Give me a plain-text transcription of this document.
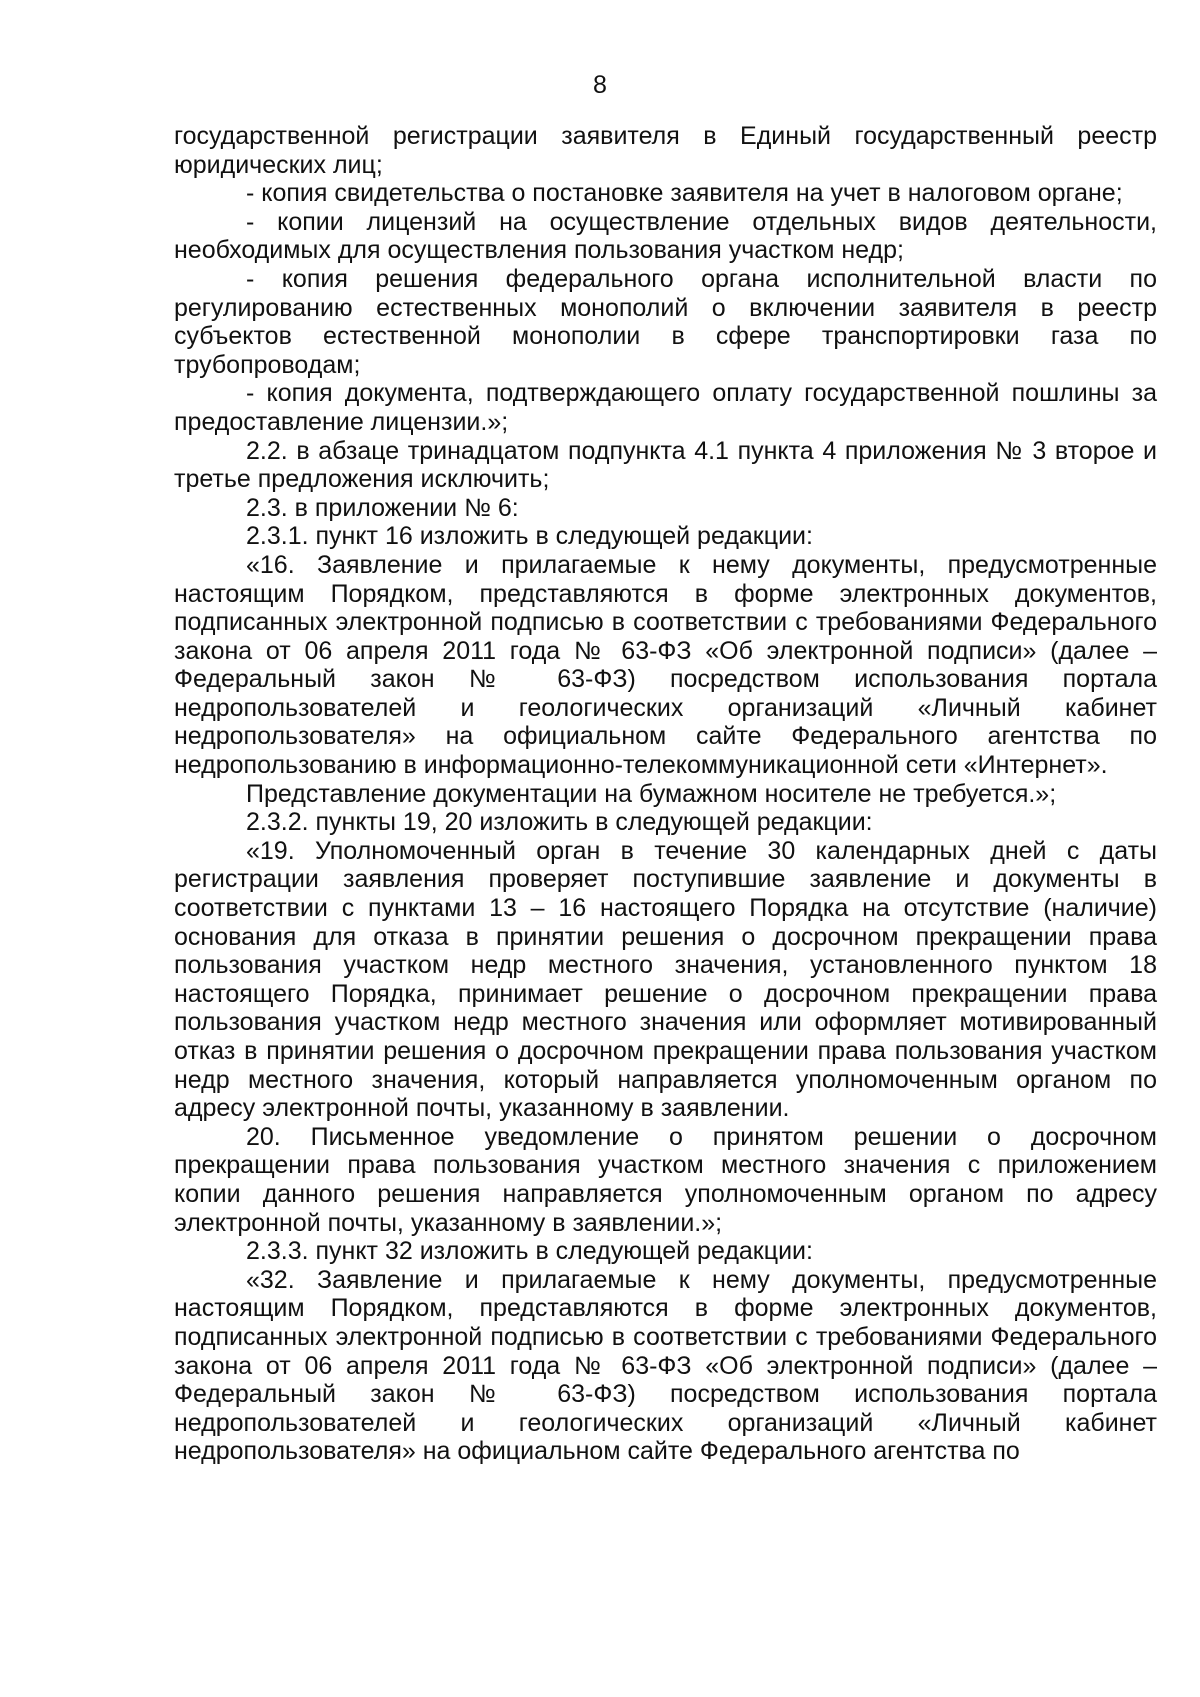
8

государственной регистрации заявителя в Единый государственный реестр юридических лиц;

- копия свидетельства о постановке заявителя на учет в налоговом органе;

- копии лицензий на осуществление отдельных видов деятельности, необходимых для осуществления пользования участком недр;

- копия решения федерального органа исполнительной власти по регулированию естественных монополий о включении заявителя в реестр субъектов естественной монополии в сфере транспортировки газа по трубопроводам;

- копия документа, подтверждающего оплату государственной пошлины за предоставление лицензии.»;

2.2. в абзаце тринадцатом подпункта 4.1 пункта 4 приложения № 3 второе и третье предложения исключить;

2.3. в приложении № 6:

2.3.1. пункт 16 изложить в следующей редакции:

«16. Заявление и прилагаемые к нему документы, предусмотренные настоящим Порядком, представляются в форме электронных документов, подписанных электронной подписью в соответствии с требованиями Федерального закона от 06 апреля 2011 года № 63-ФЗ «Об электронной подписи» (далее – Федеральный закон № 63-ФЗ) посредством использования портала недропользователей и геологических организаций «Личный кабинет недропользователя» на официальном сайте Федерального агентства по недропользованию в информационно-телекоммуникационной сети «Интернет».

Представление документации на бумажном носителе не требуется.»;

2.3.2. пункты 19, 20 изложить в следующей редакции:

«19. Уполномоченный орган в течение 30 календарных дней с даты регистрации заявления проверяет поступившие заявление и документы в соответствии с пунктами 13 – 16 настоящего Порядка на отсутствие (наличие) основания для отказа в принятии решения о досрочном прекращении права пользования участком недр местного значения, установленного пунктом 18 настоящего Порядка, принимает решение о досрочном прекращении права пользования участком недр местного значения или оформляет мотивированный отказ в принятии решения о досрочном прекращении права пользования участком недр местного значения, который направляется уполномоченным органом по адресу электронной почты, указанному в заявлении.

20. Письменное уведомление о принятом решении о досрочном прекращении права пользования участком местного значения с приложением копии данного решения направляется уполномоченным органом по адресу электронной почты, указанному в заявлении.»;

2.3.3. пункт 32 изложить в следующей редакции:

«32. Заявление и прилагаемые к нему документы, предусмотренные настоящим Порядком, представляются в форме электронных документов, подписанных электронной подписью в соответствии с требованиями Федерального закона от 06 апреля 2011 года № 63-ФЗ «Об электронной подписи» (далее – Федеральный закон № 63-ФЗ) посредством использования портала недропользователей и геологических организаций «Личный кабинет недропользователя» на официальном сайте Федерального агентства по
